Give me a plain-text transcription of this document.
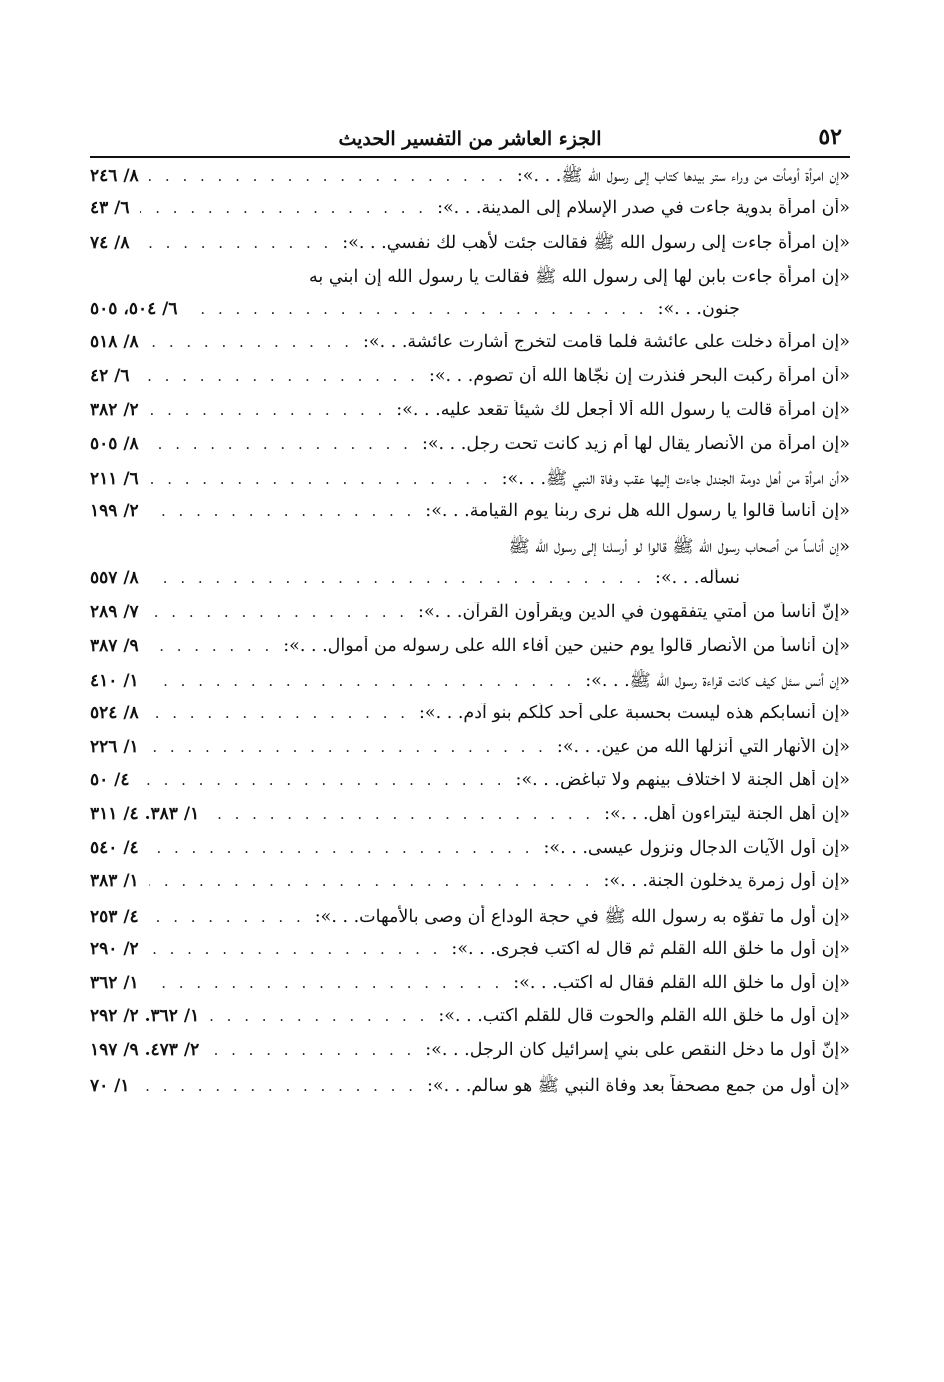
٥٢
الجزء العاشر من التفسير الحديث
«إن امرأة أومأت من وراء ستر بيدها كتاب إلى رسول الله ﷺ. . .»:
. . .
٨/ ٢٤٦
«أن امرأة بدوية جاءت في صدر الإسلام إلى المدينة. . .»:
. . .
٦/ ٤٣
«إن امرأة جاءت إلى رسول الله ﷺ فقالت جئت لأهب لك نفسي. . .»:
. . .
٨/ ٧٤
«إن امرأة جاءت بابن لها إلى رسول الله ﷺ فقالت يا رسول الله إن ابني به
جنون. . .»:
. . .
٦/ ٥٠٤، ٥٠٥
«إن امرأة دخلت على عائشة فلما قامت لتخرج أشارت عائشة. . .»:
. . .
٨/ ٥١٨
«أن امرأة ركبت البحر فنذرت إن نجّاها الله أن تصوم. . .»:
. . .
٦/ ٤٢
«إن امرأة قالت يا رسول الله ألا أجعل لك شيئاً تقعد عليه. . .»:
. . .
٢/ ٣٨٢
«إن امرأة من الأنصار يقال لها أم زيد كانت تحت رجل. . .»:
. . .
٨/ ٥٠٥
«أن امرأة من أهل دومة الجندل جاءت إليها عقب وفاة النبي ﷺ. . .»:
. . .
٦/ ٢١١
«إن أناساً قالوا يا رسول الله هل نرى ربنا يوم القيامة. . .»:
. . .
٢/ ١٩٩
«إن أناساً من أصحاب رسول الله ﷺ قالوا لو أرسلنا إلى رسول الله ﷺ
نسأله. . .»:
. . .
٨/ ٥٥٧
«إنّ أناساً من أمتي يتفقهون في الدين ويقرأون القرآن. . .»:
. . .
٧/ ٢٨٩
«إن أناساً من الأنصار قالوا يوم حنين حين أفاء الله على رسوله من أموال. . .»:
. . .
٩/ ٣٨٧
«إن أنس سئل كيف كانت قراءة رسول الله ﷺ. . .»:
. . .
١/ ٤١٠
«إن أنسابكم هذه ليست بحسبة على أحد كلّكم بنو آدم. . .»:
. . .
٨/ ٥٢٤
«إن الأنهار التي أنزلها الله من عين. . .»:
. . .
١/ ٢٢٦
«إن أهل الجنة لا اختلاف بينهم ولا تباغض. . .»:
. . .
٤/ ٥٠
«إن أهل الجنة ليتراءون أهل. . .»:
. . .
١/ ٣٨٣. ٤/ ٣١١
«إن أول الآيات الدجال ونزول عيسى. . .»:
. . .
٤/ ٥٤٠
«إن أول زمرة يدخلون الجنة. . .»:
. . .
١/ ٣٨٣
«إن أول ما تفوّه به رسول الله ﷺ في حجة الوداع أن وصى بالأمهات. . .»:
. . .
٤/ ٢٥٣
«إن أول ما خلق الله القلم ثم قال له اكتب فجرى. . .»:
. . .
٢/ ٢٩٠
«إن أول ما خلق الله القلم فقال له اكتب. . .»:
. . .
١/ ٣٦٢
«إن أول ما خلق الله القلم والحوت قال للقلم اكتب. . .»:
. . .
١/ ٣٦٢. ٢/ ٢٩٢
«إنّ أول ما دخل النقص على بني إسرائيل كان الرجل. . .»:
. . .
٢/ ٤٧٣. ٩/ ١٩٧
«إن أول من جمع مصحفاً بعد وفاة النبي ﷺ هو سالم. . .»:
. . .
١/ ٧٠
